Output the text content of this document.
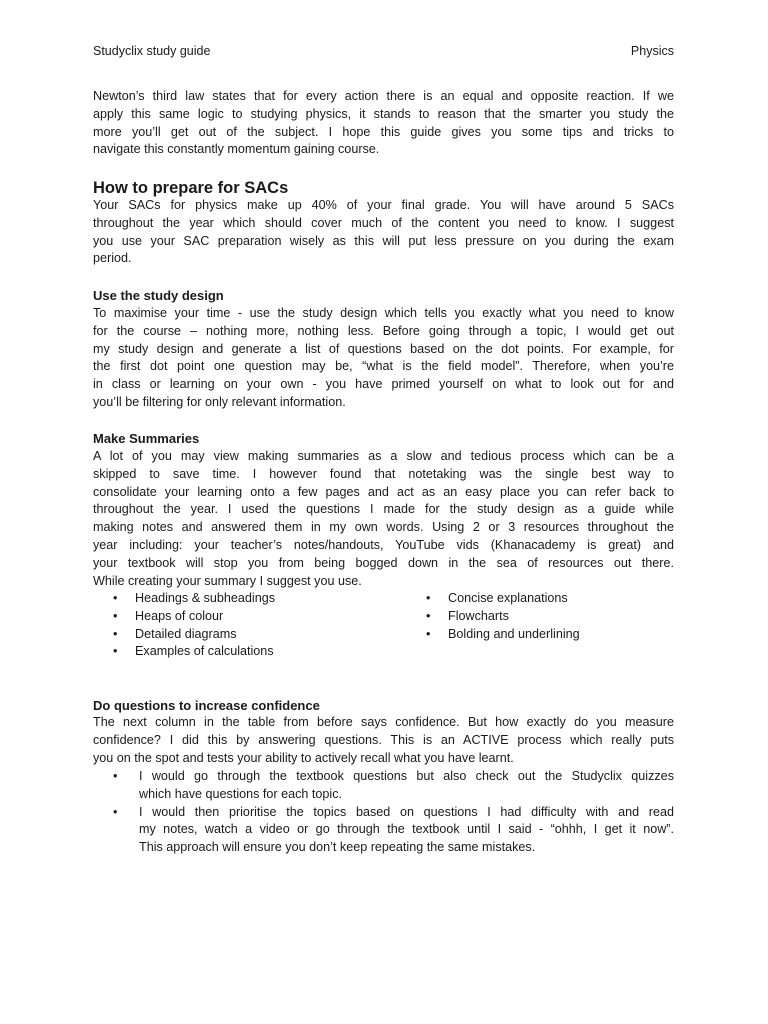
Studyclix study guide	Physics
Newton’s third law states that for every action there is an equal and opposite reaction. If we
apply this same logic to studying physics, it stands to reason that the smarter you study the
more you’ll get out of the subject. I hope this guide gives you some tips and tricks to
navigate this constantly momentum gaining course.
How to prepare for SACs
Your SACs for physics make up 40% of your final grade. You will have around 5 SACs
throughout the year which should cover much of the content you need to know. I suggest
you use your SAC preparation wisely as this will put less pressure on you during the exam
period.
Use the study design
To maximise your time - use the study design which tells you exactly what you need to know
for the course – nothing more, nothing less. Before going through a topic, I would get out
my study design and generate a list of questions based on the dot points. For example, for
the first dot point one question may be, “what is the field model”. Therefore, when you’re
in class or learning on your own - you have primed yourself on what to look out for and
you’ll be filtering for only relevant information.
Make Summaries
A lot of you may view making summaries as a slow and tedious process which can be a
skipped to save time. I however found that notetaking was the single best way to
consolidate your learning onto a few pages and act as an easy place you can refer back to
throughout the year. I used the questions I made for the study design as a guide while
making notes and answered them in my own words. Using 2 or 3 resources throughout the
year including: your teacher’s notes/handouts, YouTube vids (Khanacademy is great) and
your textbook will stop you from being bogged down in the sea of resources out there.
While creating your summary I suggest you use.
• Headings & subheadings
• Heaps of colour
• Detailed diagrams
• Examples of calculations
• Concise explanations
• Flowcharts
• Bolding and underlining
Do questions to increase confidence
The next column in the table from before says confidence. But how exactly do you measure
confidence? I did this by answering questions. This is an ACTIVE process which really puts
you on the spot and tests your ability to actively recall what you have learnt.
• I would go through the textbook questions but also check out the Studyclix quizzes
which have questions for each topic.
• I would then prioritise the topics based on questions I had difficulty with and read
my notes, watch a video or go through the textbook until I said - “ohhh, I get it now”.
This approach will ensure you don’t keep repeating the same mistakes.
